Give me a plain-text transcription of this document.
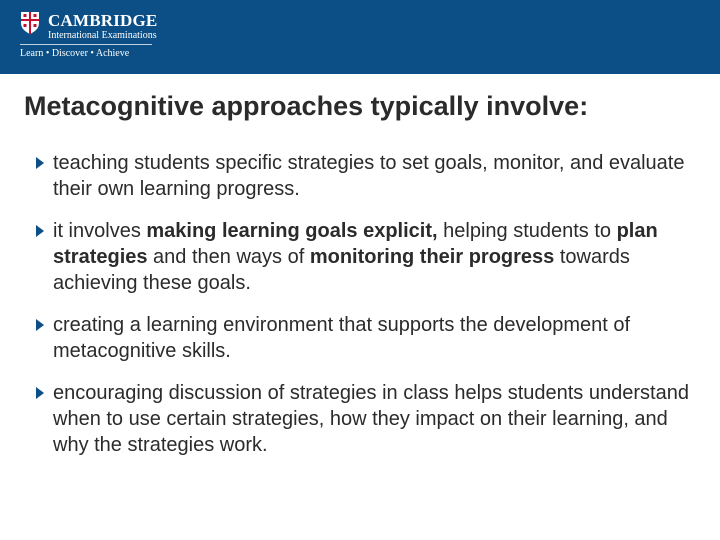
CAMBRIDGE
International Examinations
Learn • Discover • Achieve
Metacognitive approaches typically involve:
teaching students specific strategies to set goals, monitor, and evaluate their own learning progress.
it involves making learning goals explicit, helping students to plan strategies and then ways of monitoring their progress towards achieving these goals.
creating a learning environment that supports the development of metacognitive skills.
encouraging discussion of strategies in class helps students understand when to use certain strategies, how they impact on their learning, and why the strategies work.
